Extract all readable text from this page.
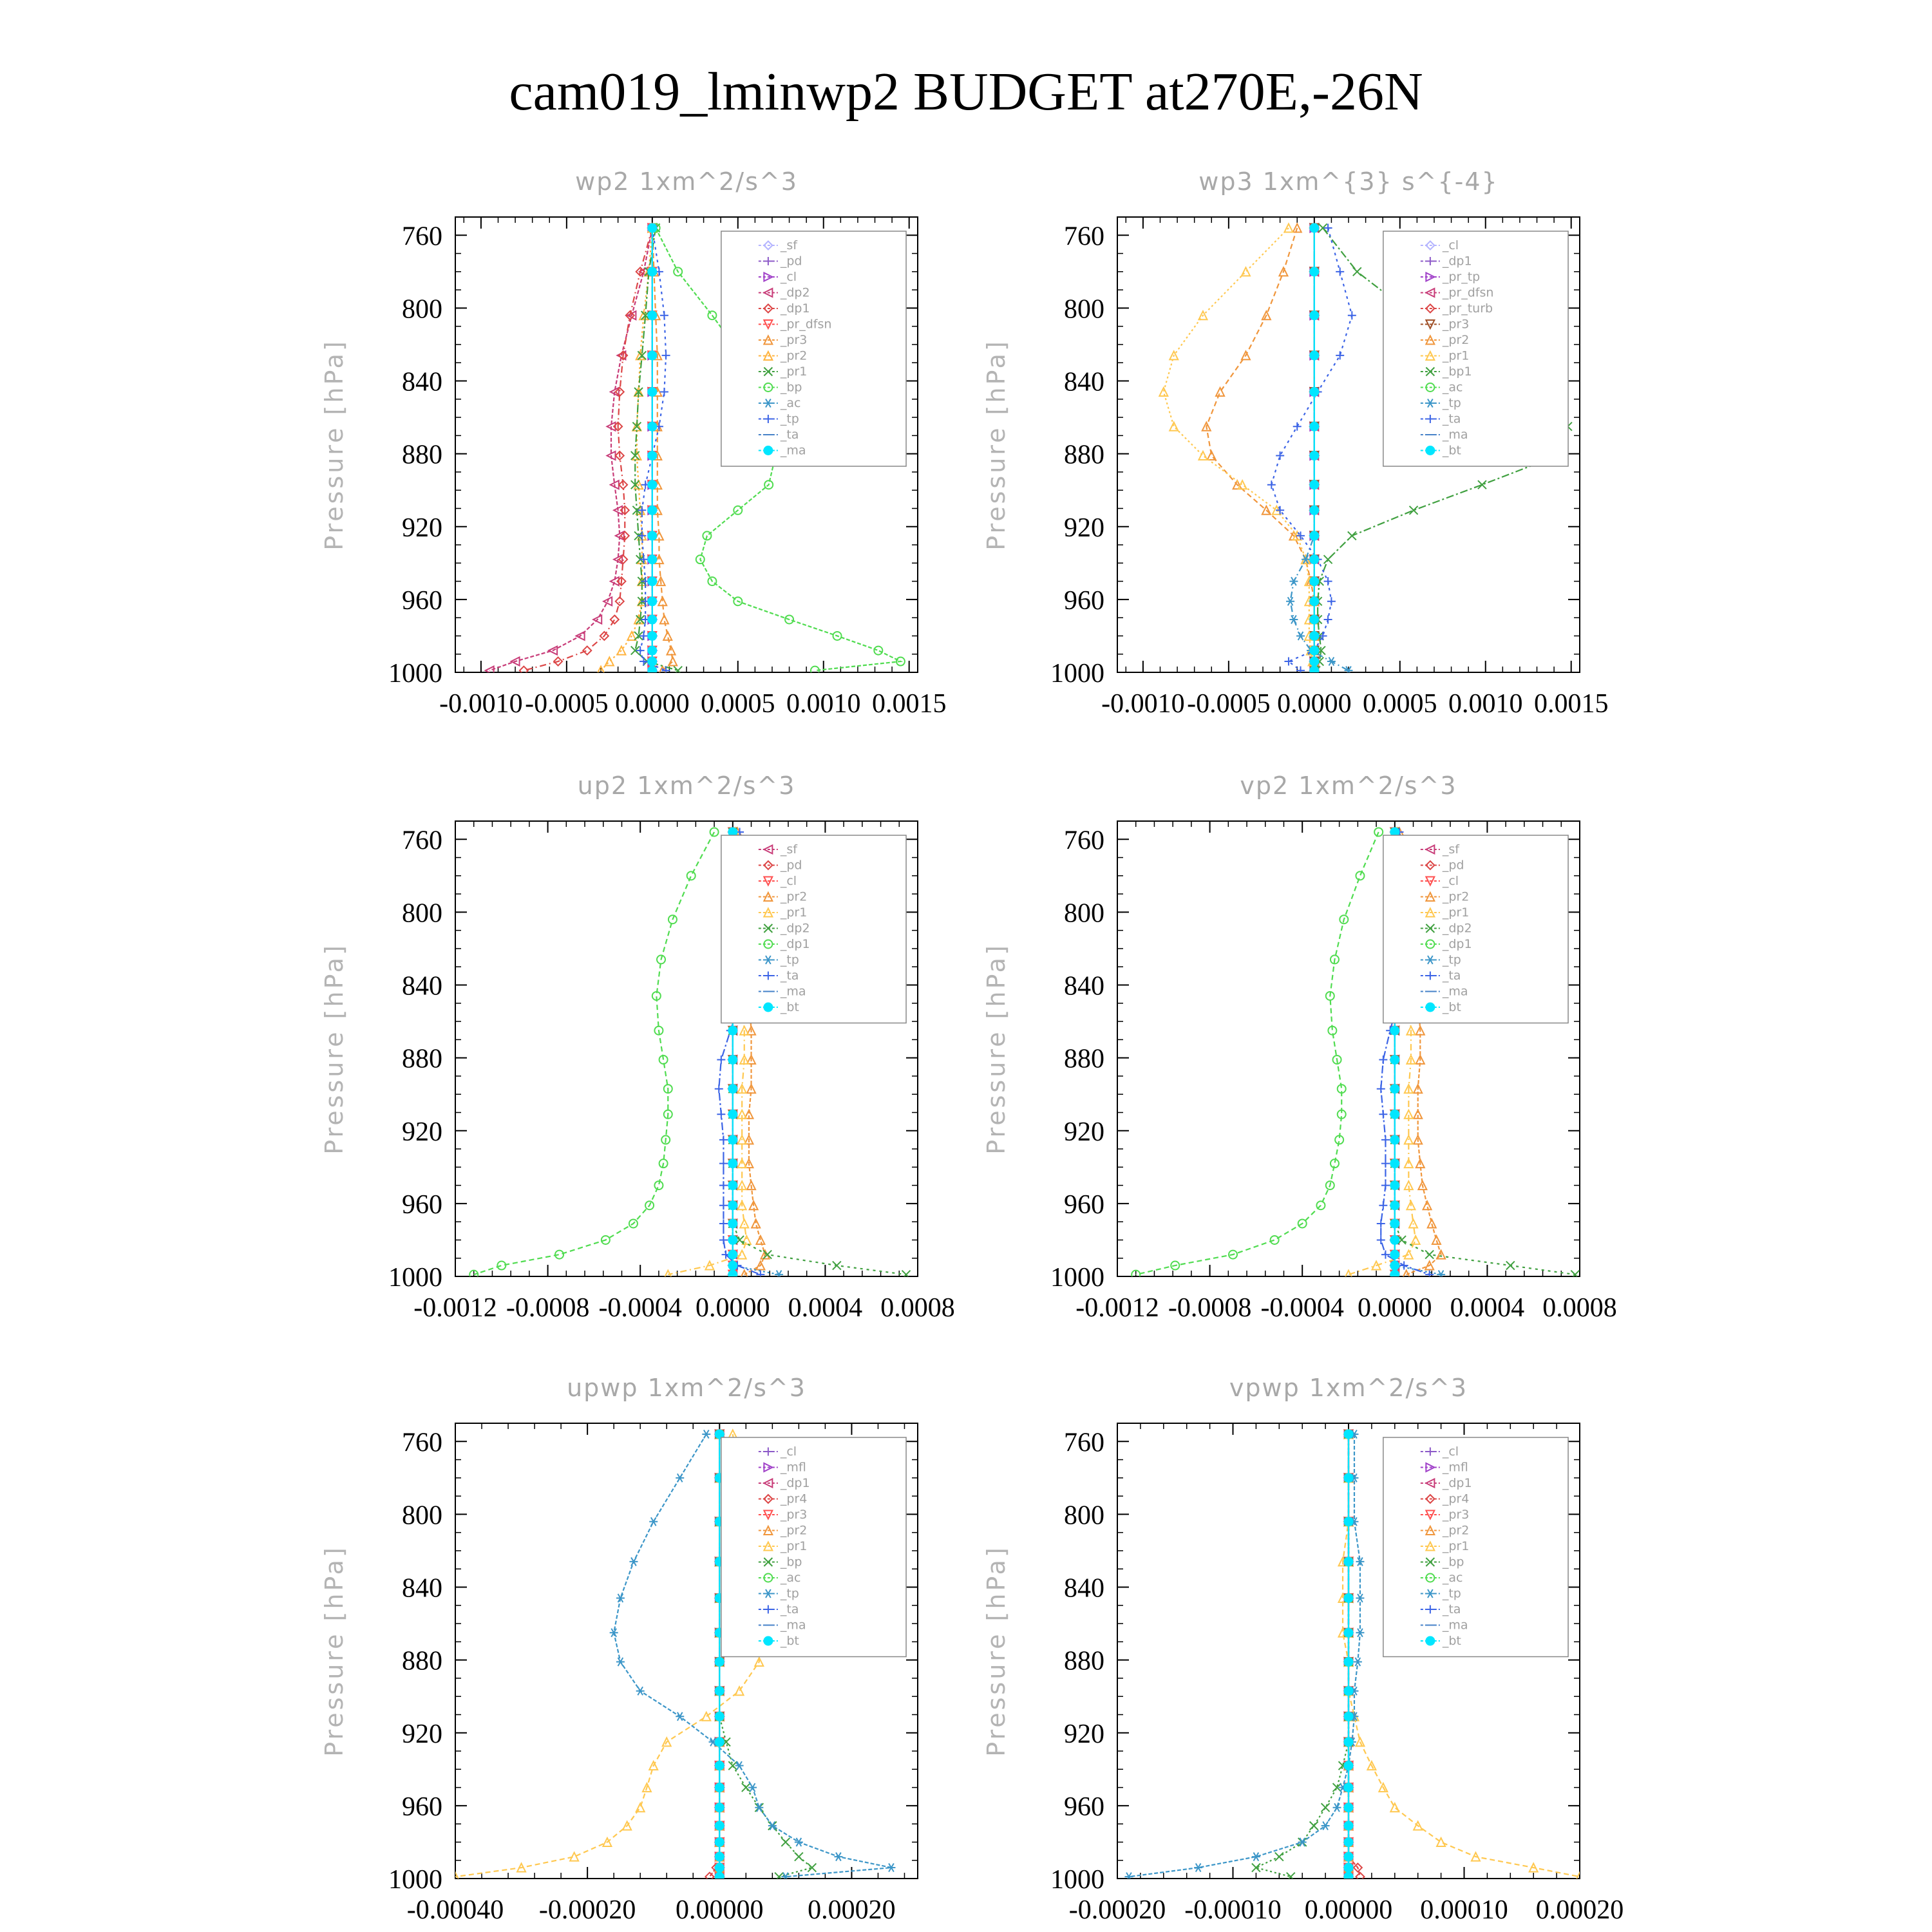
cam019_lminwp2 BUDGET at270E,-26N
760
800
840
880
920
960
1000
-0.0010 -0.0005 0.0000 0.0005 0.0010 0.0015
wp2 1xm^2/s^3
Pressure [hPa]
_sf
_pd
_cl
_dp2
_dp1
_pr_dfsn
_pr3
_pr2
_pr1
_bp
_ac
_tp
_ta
_ma
760
800
840
880
920
960
1000
-0.0010 -0.0005 0.0000 0.0005 0.0010 0.0015
wp3 1xm^{3} s^{-4}
Pressure [hPa]
_cl
_dp1
_pr_tp
_pr_dfsn
_pr_turb
_pr3
_pr2
_pr1
_bp1
_ac
_tp
_ta
_ma
_bt
760
800
840
880
920
960
1000
-0.0012 -0.0008 -0.0004 0.0000 0.0004 0.0008
up2 1xm^2/s^3
Pressure [hPa]
_sf
_pd
_cl
_pr2
_pr1
_dp2
_dp1
_tp
_ta
_ma
_bt
760
800
840
880
920
960
1000
-0.0012 -0.0008 -0.0004 0.0000 0.0004 0.0008
vp2 1xm^2/s^3
Pressure [hPa]
_sf
_pd
_cl
_pr2
_pr1
_dp2
_dp1
_tp
_ta
_ma
_bt
760
800
840
880
920
960
1000
-0.00040 -0.00020 0.00000 0.00020
upwp 1xm^2/s^3
Pressure [hPa]
_cl
_mfl
_dp1
_pr4
_pr3
_pr2
_pr1
_bp
_ac
_tp
_ta
_ma
_bt
760
800
840
880
920
960
1000
-0.00020 -0.00010 0.00000 0.00010 0.00020
vpwp 1xm^2/s^3
Pressure [hPa]
_cl
_mfl
_dp1
_pr4
_pr3
_pr2
_pr1
_bp
_ac
_tp
_ta
_ma
_bt
